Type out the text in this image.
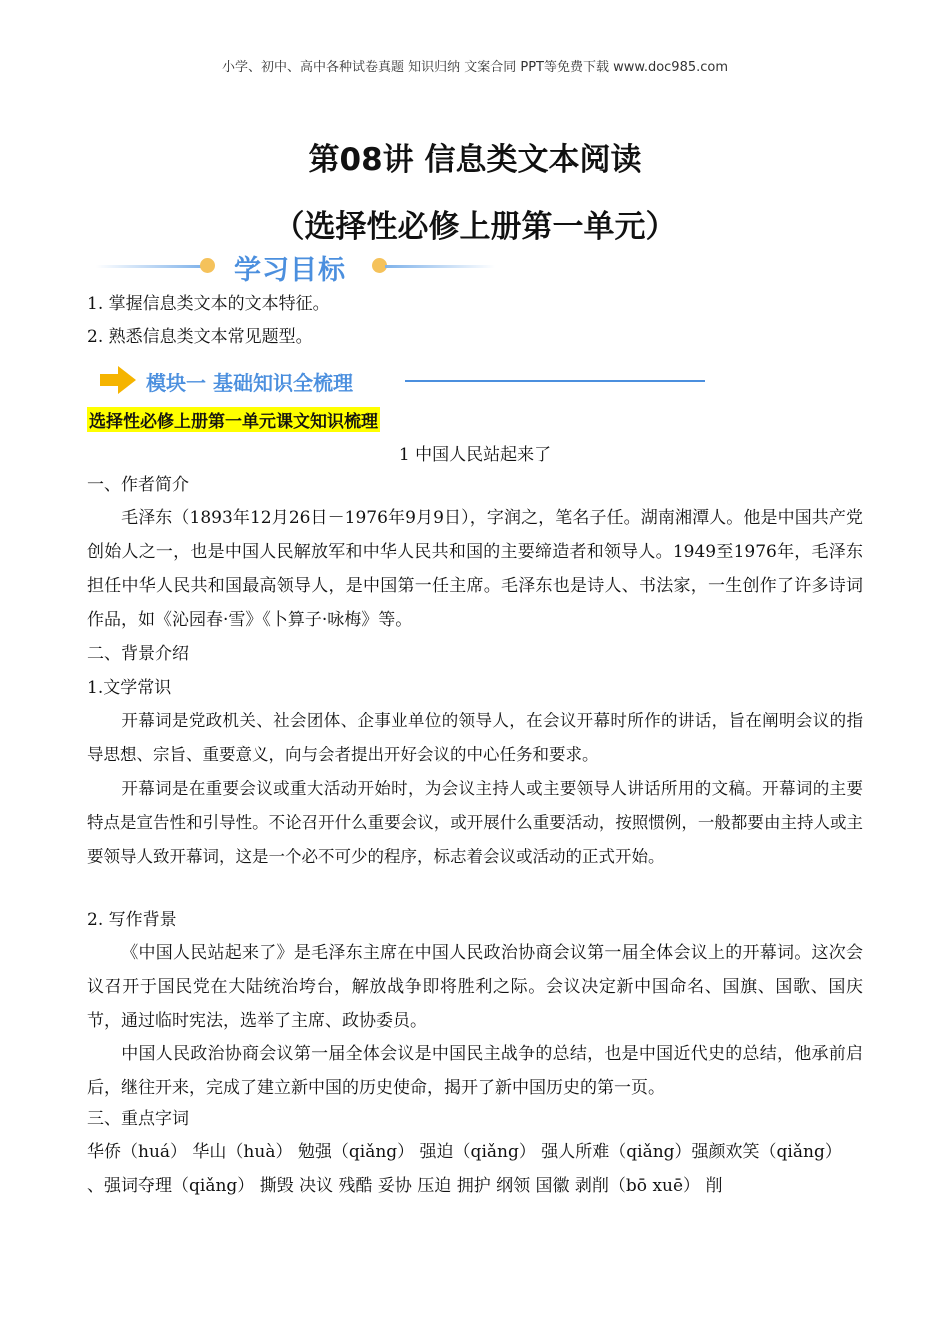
小学、初中、高中各种试卷真题 知识归纳 文案合同 PPT等免费下载 www.doc985.com
第08讲 信息类文本阅读
（选择性必修上册第一单元）
学习目标
1. 掌握信息类文本的文本特征。
2. 熟悉信息类文本常见题型。
模块一 基础知识全梳理
选择性必修上册第一单元课文知识梳理
1 中国人民站起来了
一、作者简介
毛泽东（1893年12月26日－1976年9月9日），字润之，笔名子任。湖南湘潭人。他是中国共产党创始人之一，也是中国人民解放军和中华人民共和国的主要缔造者和领导人。1949至1976年，毛泽东担任中华人民共和国最高领导人，是中国第一任主席。毛泽东也是诗人、书法家，一生创作了许多诗词作品，如《沁园春·雪》《卜算子·咏梅》等。
二、背景介绍
1.文学常识
开幕词是党政机关、社会团体、企事业单位的领导人，在会议开幕时所作的讲话，旨在阐明会议的指导思想、宗旨、重要意义，向与会者提出开好会议的中心任务和要求。
开幕词是在重要会议或重大活动开始时，为会议主持人或主要领导人讲话所用的文稿。开幕词的主要特点是宣告性和引导性。不论召开什么重要会议，或开展什么重要活动，按照惯例，一般都要由主持人或主要领导人致开幕词，这是一个必不可少的程序，标志着会议或活动的正式开始。
2. 写作背景
《中国人民站起来了》是毛泽东主席在中国人民政治协商会议第一届全体会议上的开幕词。这次会议召开于国民党在大陆统治垮台，解放战争即将胜利之际。会议决定新中国命名、国旗、国歌、国庆节，通过临时宪法，选举了主席、政协委员。
中国人民政治协商会议第一届全体会议是中国民主战争的总结，也是中国近代史的总结，他承前启后，继往开来，完成了建立新中国的历史使命，揭开了新中国历史的第一页。
三、重点字词
华侨（huá） 华山（huà） 勉强（qiǎng） 强迫（qiǎng） 强人所难（qiǎng）强颜欢笑（qiǎng）
、强词夺理（qiǎng） 撕毁 决议 残酷 妥协 压迫 拥护 纲领 国徽 剥削（bō xuē） 削
